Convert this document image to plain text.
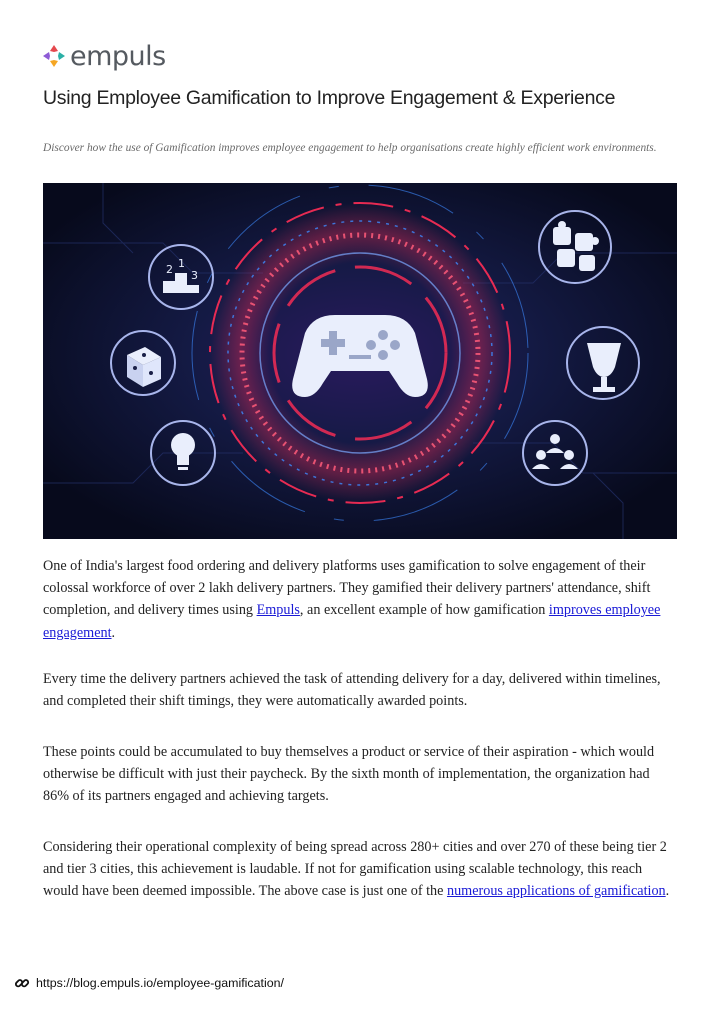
empuls
Using Employee Gamification to Improve Engagement & Experience

Discover how the use of Gamification improves employee engagement to help organisations create highly efficient work environments.

2 1
3

One of India's largest food ordering and delivery platforms uses gamification to solve engagement of their colossal workforce of over 2 lakh delivery partners. They gamified their delivery partners' attendance, shift completion, and delivery times using Empuls, an excellent example of how gamification improves employee engagement.

Every time the delivery partners achieved the task of attending delivery for a day, delivered within timelines, and completed their shift timings, they were automatically awarded points.

These points could be accumulated to buy themselves a product or service of their aspiration - which would otherwise be difficult with just their paycheck. By the sixth month of implementation, the organization had 86% of its partners engaged and achieving targets.

Considering their operational complexity of being spread across 280+ cities and over 270 of these being tier 2 and tier 3 cities, this achievement is laudable. If not for gamification using scalable technology, this reach would have been deemed impossible. The above case is just one of the numerous applications of gamification.

https://blog.empuls.io/employee-gamification/
